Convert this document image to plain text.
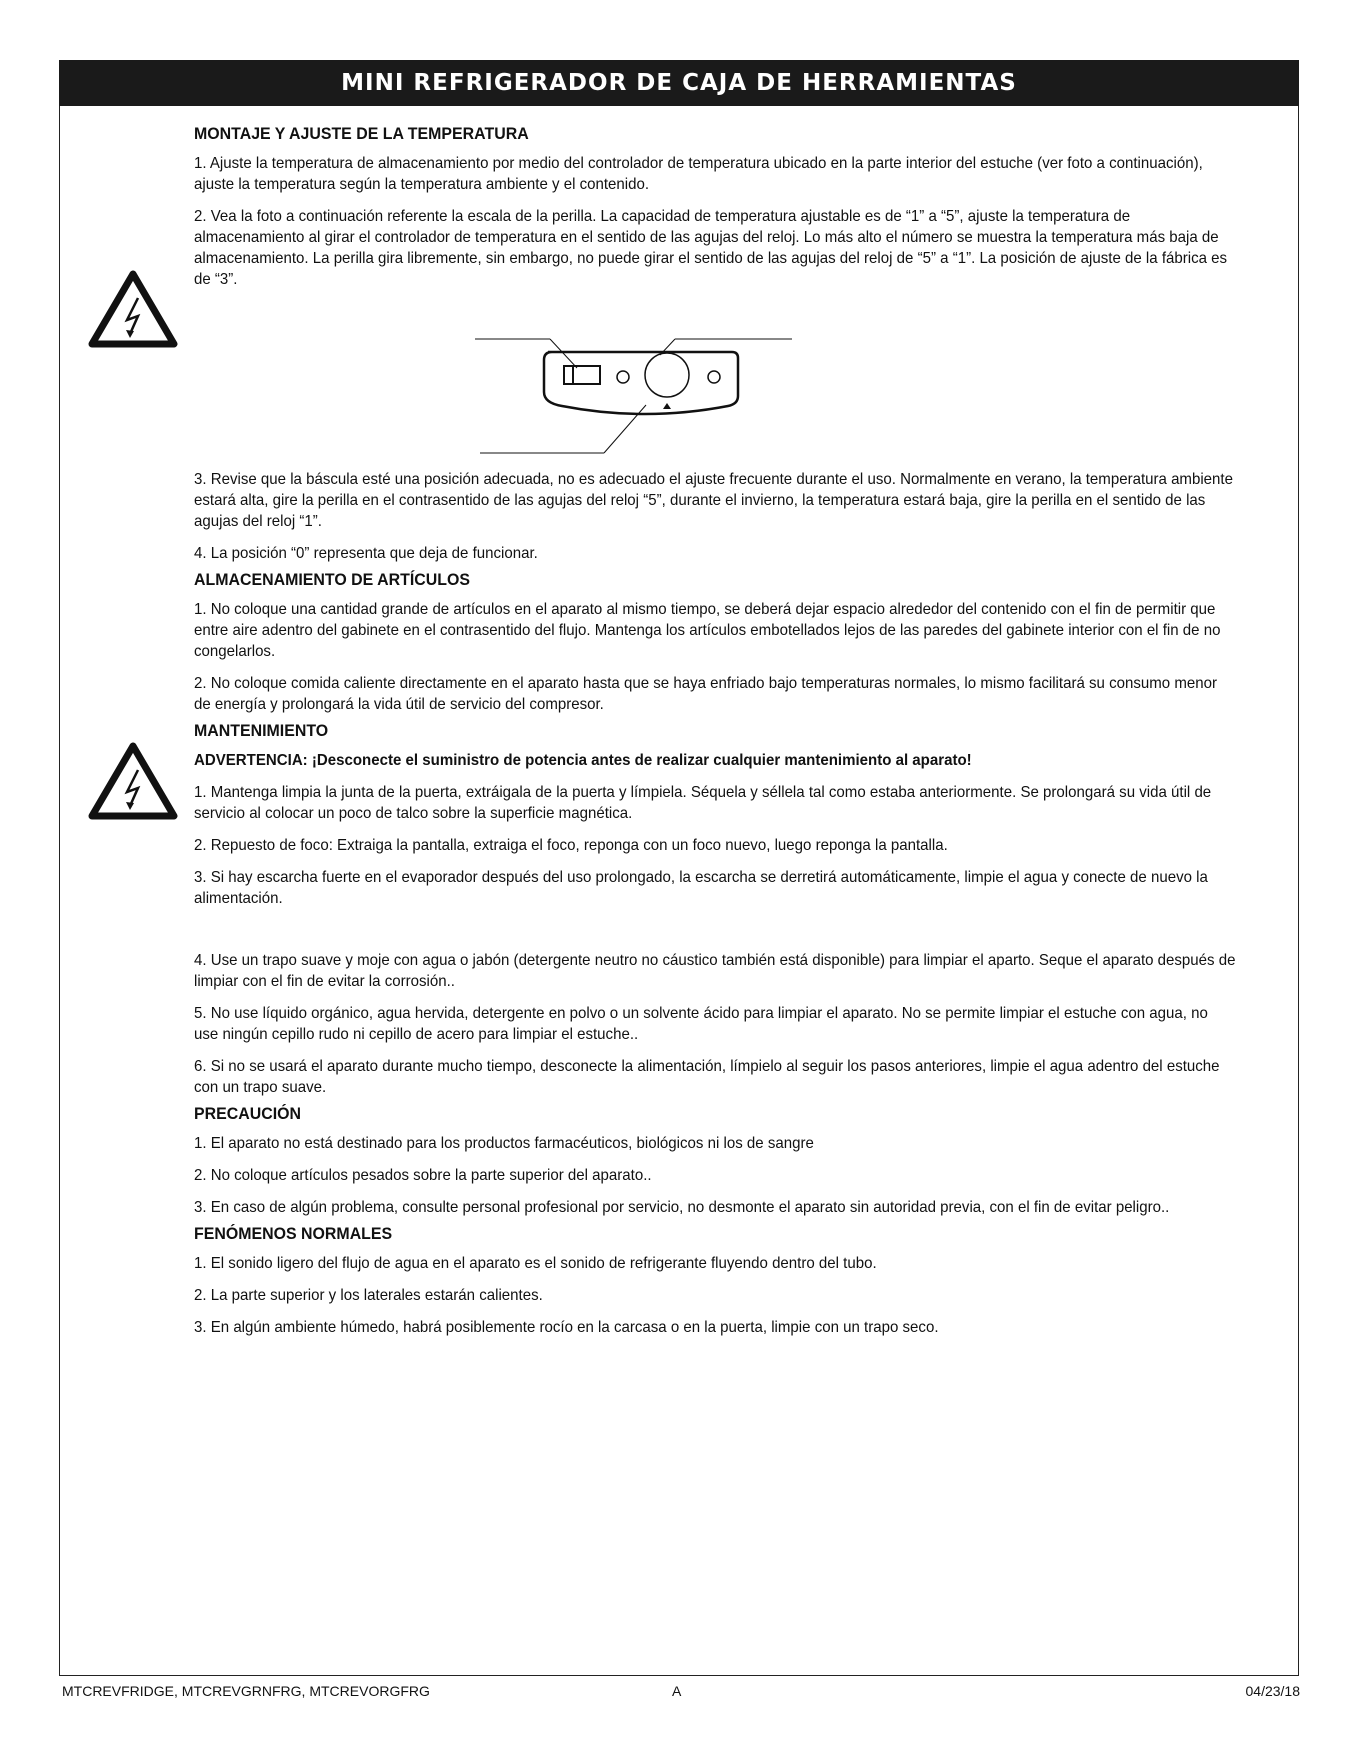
MINI REFRIGERADOR DE CAJA DE HERRAMIENTAS
MONTAJE Y AJUSTE DE LA TEMPERATURA

1. Ajuste la temperatura de almacenamiento por medio del controlador de temperatura ubicado en la parte interior del estuche (ver foto a continuación), ajuste la temperatura según la temperatura ambiente y el contenido.

2. Vea la foto a continuación referente la escala de la perilla. La capacidad de temperatura ajustable es de “1” a “5”, ajuste la temperatura de almacenamiento al girar el controlador de temperatura en el sentido de las agujas del reloj. Lo más alto el número se muestra la temperatura más baja de almacenamiento. La perilla gira libremente, sin embargo, no puede girar el sentido de las agujas del reloj de “5” a “1”. La posición de ajuste de la fábrica es de “3”.

3. Revise que la báscula esté una posición adecuada, no es adecuado el ajuste frecuente durante el uso. Normalmente en verano, la temperatura ambiente estará alta, gire la perilla en el contrasentido de las agujas del reloj “5”, durante el invierno, la temperatura estará baja, gire la perilla en el sentido de las agujas del reloj “1”.

4. La posición “0” representa que deja de funcionar.

ALMACENAMIENTO DE ARTÍCULOS

1. No coloque una cantidad grande de artículos en el aparato al mismo tiempo, se deberá dejar espacio alrededor del contenido con el fin de permitir que entre aire adentro del gabinete en el contrasentido del flujo. Mantenga los artículos embotellados lejos de las paredes del gabinete interior con el fin de no congelarlos.

2. No coloque comida caliente directamente en el aparato hasta que se haya enfriado bajo temperaturas normales, lo mismo facilitará su consumo menor de energía y prolongará la vida útil de servicio del compresor.

MANTENIMIENTO

ADVERTENCIA: ¡Desconecte el suministro de potencia antes de realizar cualquier mantenimiento al aparato!

1. Mantenga limpia la junta de la puerta, extráigala de la puerta y límpiela. Séquela y séllela tal como estaba anteriormente. Se prolongará su vida útil de servicio al colocar un poco de talco sobre la superficie magnética.

2. Repuesto de foco: Extraiga la pantalla, extraiga el foco, reponga con un foco nuevo, luego reponga la pantalla.

3. Si hay escarcha fuerte en el evaporador después del uso prolongado, la escarcha se derretirá automáticamente, limpie el agua y conecte de nuevo la alimentación.

4. Use un trapo suave y moje con agua o jabón (detergente neutro no cáustico también está disponible) para limpiar el aparto. Seque el aparato después de limpiar con el fin de evitar la corrosión..

5. No use líquido orgánico, agua hervida, detergente en polvo o un solvente ácido para limpiar el aparato. No se permite limpiar el estuche con agua, no use ningún cepillo rudo ni cepillo de acero para limpiar el estuche..

6. Si no se usará el aparato durante mucho tiempo, desconecte la alimentación, límpielo al seguir los pasos anteriores, limpie el agua adentro del estuche con un trapo suave.

PRECAUCIÓN

1. El aparato no está destinado para los productos farmacéuticos, biológicos ni los de sangre

2. No coloque artículos pesados sobre la parte superior del aparato..

3. En caso de algún problema, consulte personal profesional por servicio, no desmonte el aparato sin autoridad previa, con el fin de evitar peligro..

FENÓMENOS NORMALES

1. El sonido ligero del flujo de agua en el aparato es el sonido de refrigerante fluyendo dentro del tubo.

2. La parte superior y los laterales estarán calientes.

3. En algún ambiente húmedo, habrá posiblemente rocío en la carcasa o en la puerta, limpie con un trapo seco.

MTCREVFRIDGE, MTCREVGRNFRG, MTCREVORGFRG	A	04/23/18
